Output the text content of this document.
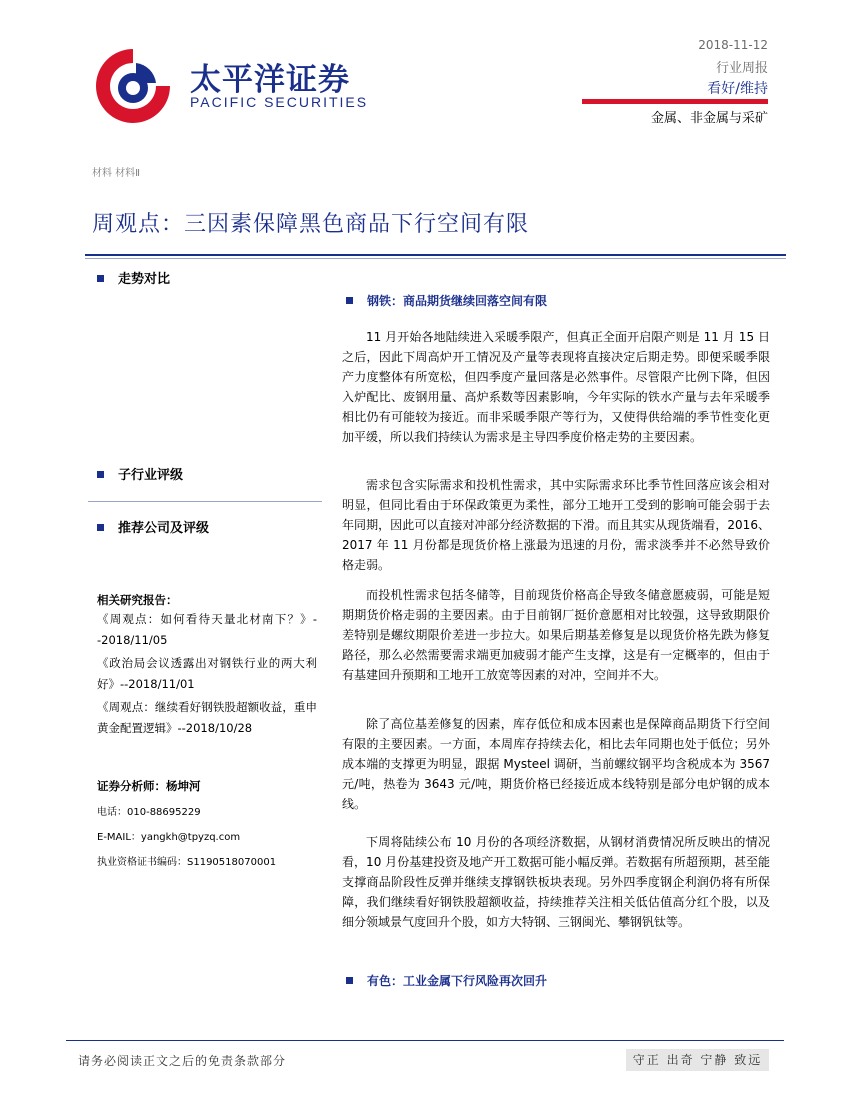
太平洋证券
PACIFIC SECURITIES
2018-11-12
行业周报
看好/维持
金属、非金属与采矿
材料 材料Ⅱ
周观点：三因素保障黑色商品下行空间有限
走势对比
子行业评级
推荐公司及评级
相关研究报告：

《周观点：如何看待天量北材南下？》--2018/11/05

《政治局会议透露出对钢铁行业的两大利好》--2018/11/01

《周观点：继续看好钢铁股超额收益，重申黄金配置逻辑》--2018/10/28

证券分析师：杨坤河
电话：010-88695229
E-MAIL：yangkh@tpyzq.com
执业资格证书编码：S1190518070001
钢铁：商品期货继续回落空间有限

11 月开始各地陆续进入采暖季限产，但真正全面开启限产则是 11 月 15 日之后，因此下周高炉开工情况及产量等表现将直接决定后期走势。即便采暖季限产力度整体有所宽松，但四季度产量回落是必然事件。尽管限产比例下降，但因入炉配比、废钢用量、高炉系数等因素影响，今年实际的铁水产量与去年采暖季相比仍有可能较为接近。而非采暖季限产等行为，又使得供给端的季节性变化更加平缓，所以我们持续认为需求是主导四季度价格走势的主要因素。

需求包含实际需求和投机性需求，其中实际需求环比季节性回落应该会相对明显，但同比看由于环保政策更为柔性，部分工地开工受到的影响可能会弱于去年同期，因此可以直接对冲部分经济数据的下滑。而且其实从现货端看，2016、2017 年 11 月份都是现货价格上涨最为迅速的月份，需求淡季并不必然导致价格走弱。

而投机性需求包括冬储等，目前现货价格高企导致冬储意愿疲弱，可能是短期期货价格走弱的主要因素。由于目前钢厂挺价意愿相对比较强，这导致期限价差特别是螺纹期限价差进一步拉大。如果后期基差修复是以现货价格先跌为修复路径，那么必然需要需求端更加疲弱才能产生支撑，这是有一定概率的，但由于有基建回升预期和工地开工放宽等因素的对冲，空间并不大。

除了高位基差修复的因素，库存低位和成本因素也是保障商品期货下行空间有限的主要因素。一方面，本周库存持续去化，相比去年同期也处于低位；另外成本端的支撑更为明显，跟据 Mysteel 调研，当前螺纹钢平均含税成本为 3567 元/吨，热卷为 3643 元/吨，期货价格已经接近成本线特别是部分电炉钢的成本线。

下周将陆续公布 10 月份的各项经济数据，从钢材消费情况所反映出的情况看，10 月份基建投资及地产开工数据可能小幅反弹。若数据有所超预期，甚至能支撑商品阶段性反弹并继续支撑钢铁板块表现。另外四季度钢企利润仍将有所保障，我们继续看好钢铁股超额收益，持续推荐关注相关低估值高分红个股，以及细分领域景气度回升个股，如方大特钢、三钢闽光、攀钢钒钛等。

有色：工业金属下行风险再次回升
请务必阅读正文之后的免责条款部分	守正 出奇 宁静 致远
